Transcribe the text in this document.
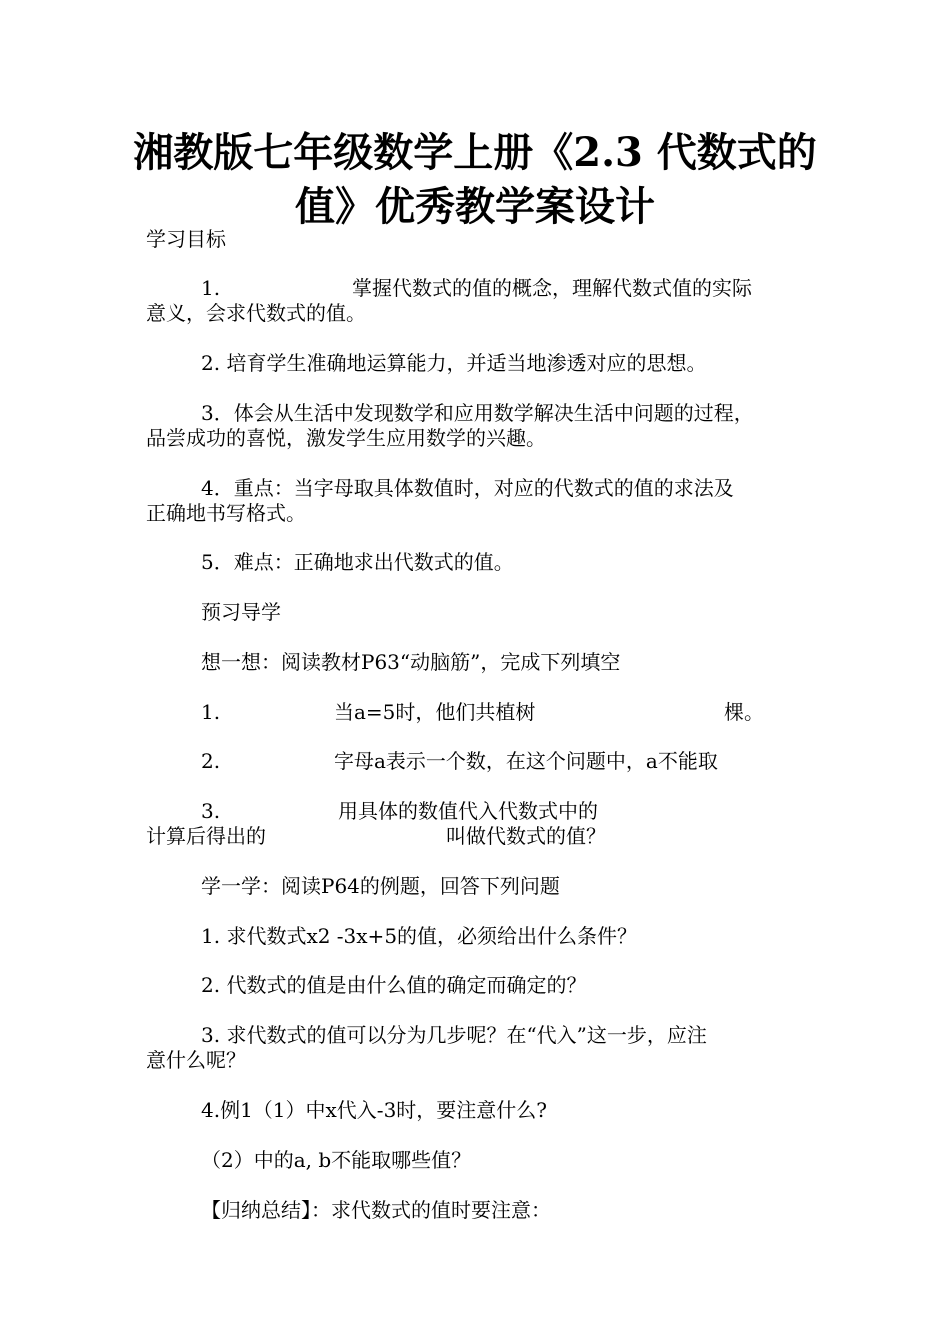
湘教版七年级数学上册《2.3 代数式的
值》优秀教学案设计

学习目标

1.	掌握代数式的值的概念，理解代数式值的实际

意义，会求代数式的值。

2. 培育学生准确地运算能力，并适当地渗透对应的思想。

3．体会从生活中发现数学和应用数学解决生活中问题的过程，

品尝成功的喜悦，激发学生应用数学的兴趣。

4．重点：当字母取具体数值时，对应的代数式的值的求法及

正确地书写格式。

5．难点：正确地求出代数式的值。

预习导学

想一想：阅读教材P63“动脑筋”，完成下列填空

1.	当a=5时，他们共植树	棵。

2.	字母a表示一个数，在这个问题中，a不能取

3.	用具体的数值代入代数式中的

计算后得出的	叫做代数式的值？

学一学：阅读P64的例题，回答下列问题

1. 求代数式x2 -3x+5的值，必须给出什么条件？

2. 代数式的值是由什么值的确定而确定的？

3. 求代数式的值可以分为几步呢？在“代入”这一步，应注

意什么呢？

4.例1（1）中x代入-3时，要注意什么?

（2）中的a, b不能取哪些值？

【归纳总结】：求代数式的值时要注意：
